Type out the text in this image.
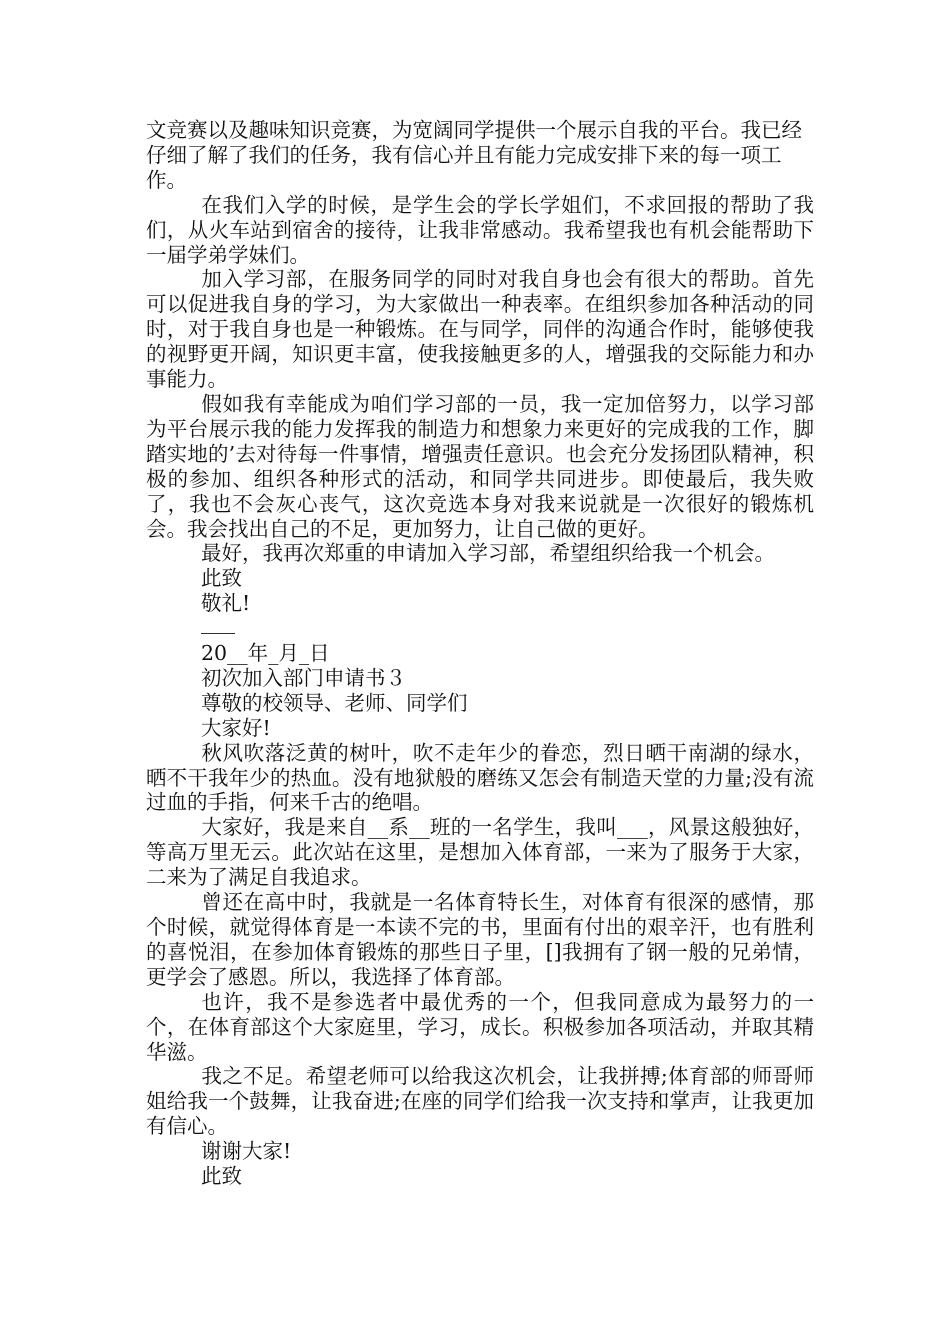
文竞赛以及趣味知识竞赛，为宽阔同学提供一个展示自我的平台。我已经仔细了解了我们的任务，我有信心并且有能力完成安排下来的每一项工作。

在我们入学的时候，是学生会的学长学姐们，不求回报的帮助了我们，从火车站到宿舍的接待，让我非常感动。我希望我也有机会能帮助下一届学弟学妹们。

加入学习部，在服务同学的同时对我自身也会有很大的帮助。首先可以促进我自身的学习，为大家做出一种表率。在组织参加各种活动的同时，对于我自身也是一种锻炼。在与同学，同伴的沟通合作时，能够使我的视野更开阔，知识更丰富，使我接触更多的人，增强我的交际能力和办事能力。

假如我有幸能成为咱们学习部的一员，我一定加倍努力，以学习部为平台展示我的能力发挥我的制造力和想象力来更好的完成我的工作，脚踏实地的’去对待每一件事情，增强责任意识。也会充分发扬团队精神，积极的参加、组织各种形式的活动，和同学共同进步。即使最后，我失败了，我也不会灰心丧气，这次竞选本身对我来说就是一次很好的锻炼机会。我会找出自己的不足，更加努力，让自己做的更好。

最好，我再次郑重的申请加入学习部，希望组织给我一个机会。

此致

敬礼!

20__年_月_日

初次加入部门申请书３

尊敬的校领导、老师、同学们

大家好!

秋风吹落泛黄的树叶，吹不走年少的眷恋，烈日晒干南湖的绿水，晒不干我年少的热血。没有地狱般的磨练又怎会有制造天堂的力量;没有流过血的手指，何来千古的绝唱。

大家好，我是来自__系__班的一名学生，我叫___，风景这般独好，等高万里无云。此次站在这里，是想加入体育部，一来为了服务于大家，二来为了满足自我追求。

曾还在高中时，我就是一名体育特长生，对体育有很深的感情，那个时候，就觉得体育是一本读不完的书，里面有付出的艰辛汗，也有胜利的喜悦泪，在参加体育锻炼的那些日子里，[]我拥有了钢一般的兄弟情，更学会了感恩。所以，我选择了体育部。

也许，我不是参选者中最优秀的一个，但我同意成为最努力的一个，在体育部这个大家庭里，学习，成长。积极参加各项活动，并取其精华滋。

我之不足。希望老师可以给我这次机会，让我拼搏;体育部的师哥师姐给我一个鼓舞，让我奋进;在座的同学们给我一次支持和掌声，让我更加有信心。

谢谢大家!

此致
